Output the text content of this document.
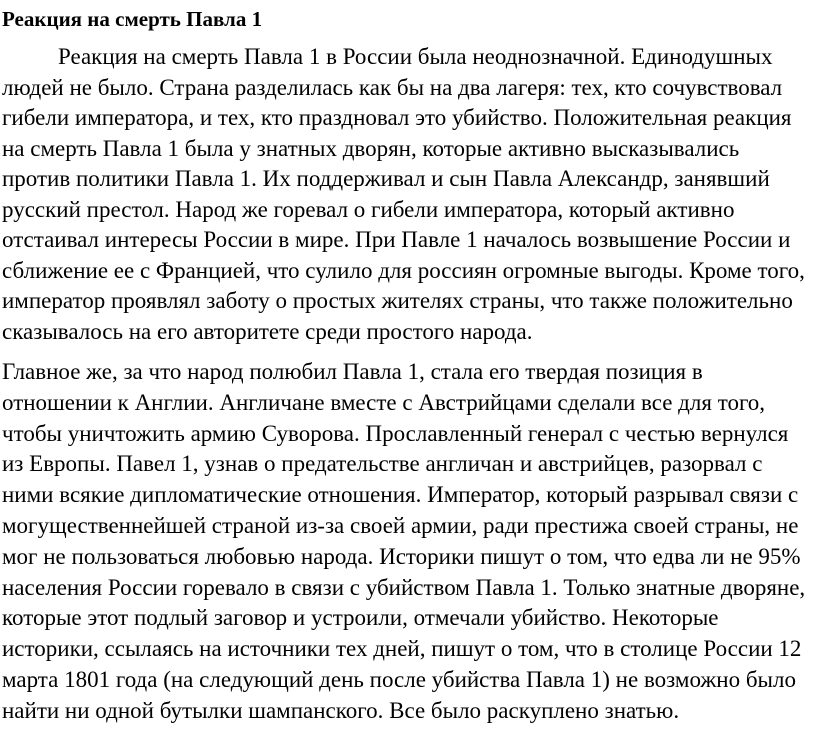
Реакция на смерть Павла 1

Реакция на смерть Павла 1 в России была неоднозначной. Единодушных людей не было. Страна разделилась как бы на два лагеря: тех, кто сочувствовал гибели императора, и тех, кто праздновал это убийство. Положительная реакция на смерть Павла 1 была у знатных дворян, которые активно высказывались против политики Павла 1. Их поддерживал и сын Павла Александр, занявший русский престол. Народ же горевал о гибели императора, который активно отстаивал интересы России в мире. При Павле 1 началось возвышение России и сближение ее с Францией, что сулило для россиян огромные выгоды. Кроме того, император проявлял заботу о простых жителях страны, что также положительно сказывалось на его авторитете среди простого народа.

Главное же, за что народ полюбил Павла 1, стала его твердая позиция в отношении к Англии. Англичане вместе с Австрийцами сделали все для того, чтобы уничтожить армию Суворова. Прославленный генерал с честью вернулся из Европы. Павел 1, узнав о предательстве англичан и австрийцев, разорвал с ними всякие дипломатические отношения. Император, который разрывал связи с могущественнейшей страной из-за своей армии, ради престижа своей страны, не мог не пользоваться любовью народа. Историки пишут о том, что едва ли не 95% населения России горевало в связи с убийством Павла 1. Только знатные дворяне, которые этот подлый заговор и устроили, отмечали убийство. Некоторые историки, ссылаясь на источники тех дней, пишут о том, что в столице России 12 марта 1801 года (на следующий день после убийства Павла 1) не возможно было найти ни одной бутылки шампанского. Все было раскуплено знатью.
